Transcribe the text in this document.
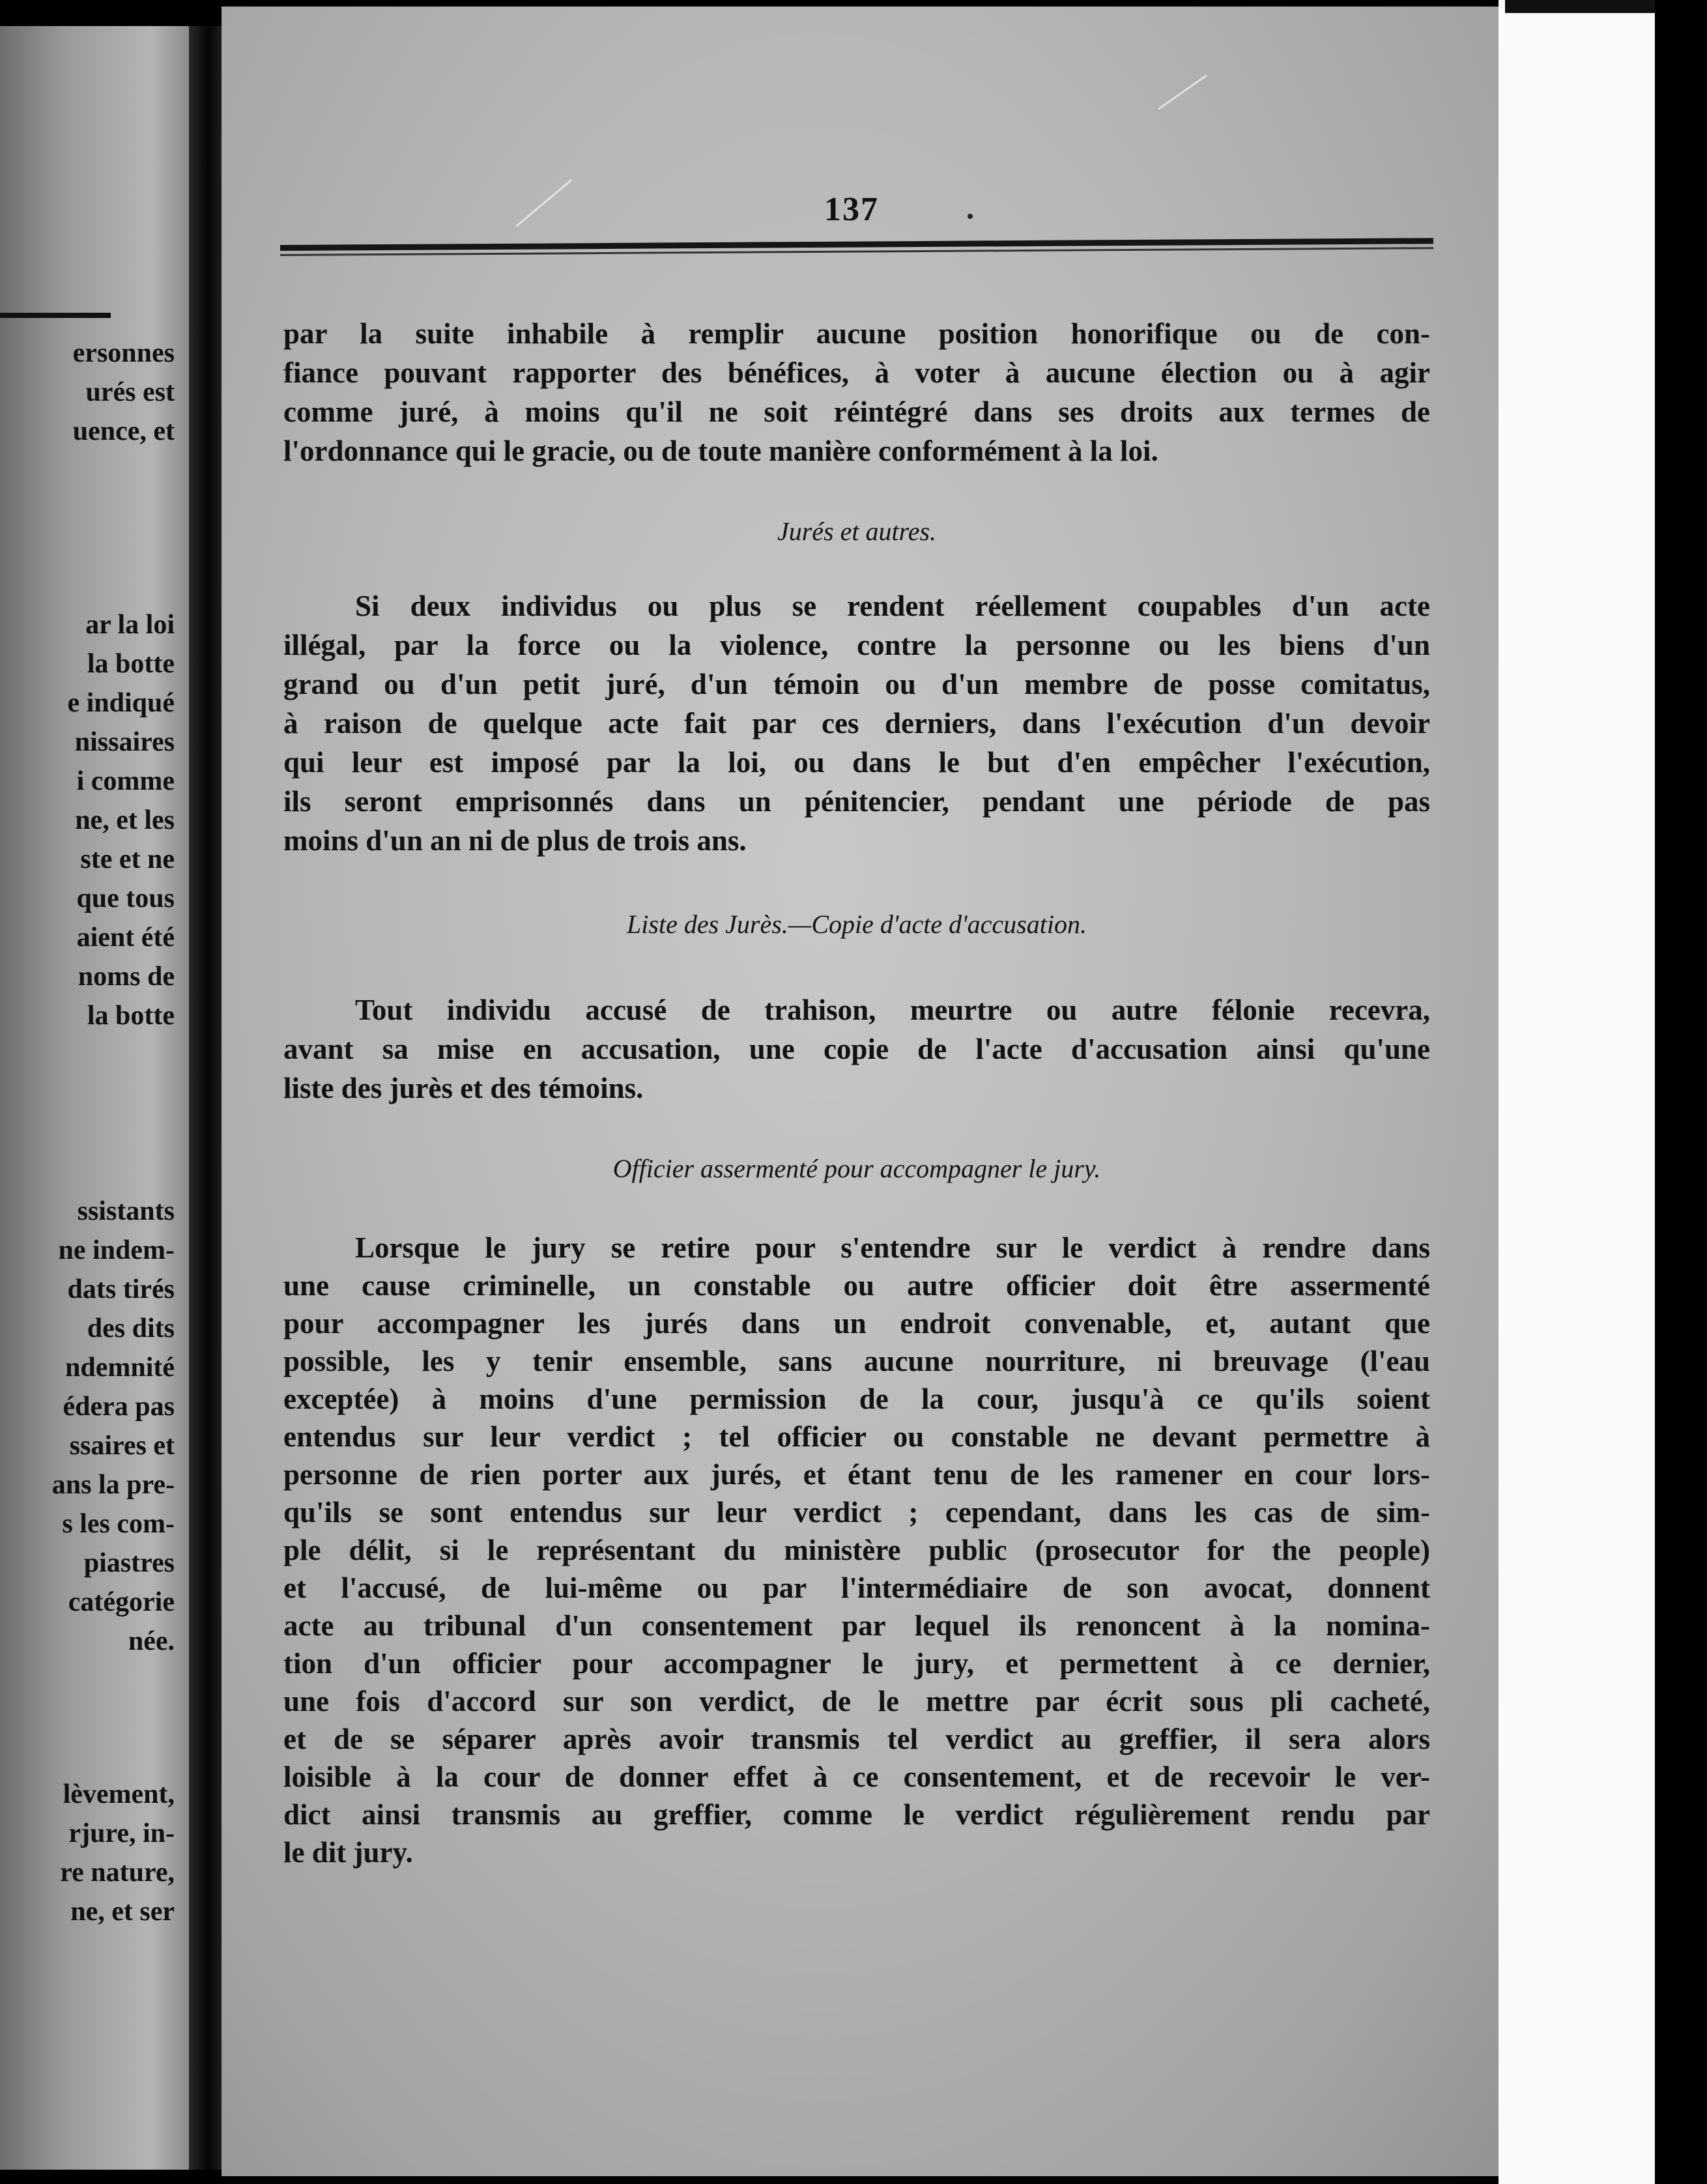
ersonnes
urés est
uence, et
ar la loi
la botte
e indiqué
nissaires
i comme
ne, et les
ste et ne
que tous
aient été
noms de
la botte
ssistants
ne indem-
dats tirés
des dits
ndemnité
édera pas
ssaires et
ans la pre-
s les com-
piastres
catégorie
née.
lèvement,
rjure, in-
re nature,
ne, et ser
137
par la suite inhabile à remplir aucune position honorifique ou de con-
fiance pouvant rapporter des bénéfices, à voter à aucune élection ou à agir
comme juré, à moins qu'il ne soit réintégré dans ses droits aux termes de
l'ordonnance qui le gracie, ou de toute manière conformément à la loi.
Jurés et autres.
Si deux individus ou plus se rendent réellement coupables d'un acte
illégal, par la force ou la violence, contre la personne ou les biens d'un
grand ou d'un petit juré, d'un témoin ou d'un membre de posse comitatus,
à raison de quelque acte fait par ces derniers, dans l'exécution d'un devoir
qui leur est imposé par la loi, ou dans le but d'en empêcher l'exécution,
ils seront emprisonnés dans un pénitencier, pendant une période de pas
moins d'un an ni de plus de trois ans.
Liste des Jurès.—Copie d'acte d'accusation.
Tout individu accusé de trahison, meurtre ou autre félonie recevra,
avant sa mise en accusation, une copie de l'acte d'accusation ainsi qu'une
liste des jurès et des témoins.
Officier assermenté pour accompagner le jury.
Lorsque le jury se retire pour s'entendre sur le verdict à rendre dans
une cause criminelle, un constable ou autre officier doit être assermenté
pour accompagner les jurés dans un endroit convenable, et, autant que
possible, les y tenir ensemble, sans aucune nourriture, ni breuvage (l'eau
exceptée) à moins d'une permission de la cour, jusqu'à ce qu'ils soient
entendus sur leur verdict ; tel officier ou constable ne devant permettre à
personne de rien porter aux jurés, et étant tenu de les ramener en cour lors-
qu'ils se sont entendus sur leur verdict ; cependant, dans les cas de sim-
ple délit, si le représentant du ministère public (prosecutor for the people)
et l'accusé, de lui-même ou par l'intermédiaire de son avocat, donnent
acte au tribunal d'un consentement par lequel ils renoncent à la nomina-
tion d'un officier pour accompagner le jury, et permettent à ce dernier,
une fois d'accord sur son verdict, de le mettre par écrit sous pli cacheté,
et de se séparer après avoir transmis tel verdict au greffier, il sera alors
loisible à la cour de donner effet à ce consentement, et de recevoir le ver-
dict ainsi transmis au greffier, comme le verdict régulièrement rendu par
le dit jury.
